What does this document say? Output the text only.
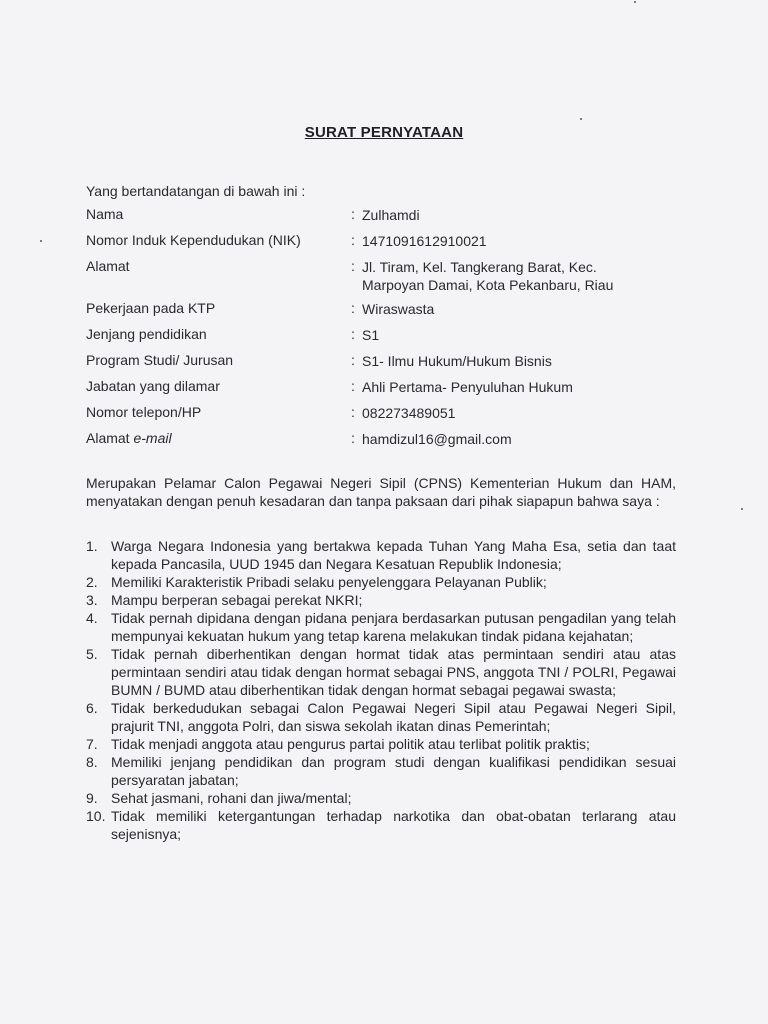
SURAT PERNYATAAN
Yang bertandatangan di bawah ini :
Nama	: Zulhamdi
Nomor Induk Kependudukan (NIK)	: 1471091612910021
Alamat	: Jl. Tiram, Kel. Tangkerang Barat, Kec. Marpoyan Damai, Kota Pekanbaru, Riau
Pekerjaan pada KTP	: Wiraswasta
Jenjang pendidikan	: S1
Program Studi/ Jurusan	: S1- Ilmu Hukum/Hukum Bisnis
Jabatan yang dilamar	: Ahli Pertama- Penyuluhan Hukum
Nomor telepon/HP	: 082273489051
Alamat e-mail	: hamdizul16@gmail.com
Merupakan Pelamar Calon Pegawai Negeri Sipil (CPNS) Kementerian Hukum dan HAM, menyatakan dengan penuh kesadaran dan tanpa paksaan dari pihak siapapun bahwa saya :
1. Warga Negara Indonesia yang bertakwa kepada Tuhan Yang Maha Esa, setia dan taat kepada Pancasila, UUD 1945 dan Negara Kesatuan Republik Indonesia;
2. Memiliki Karakteristik Pribadi selaku penyelenggara Pelayanan Publik;
3. Mampu berperan sebagai perekat NKRI;
4. Tidak pernah dipidana dengan pidana penjara berdasarkan putusan pengadilan yang telah mempunyai kekuatan hukum yang tetap karena melakukan tindak pidana kejahatan;
5. Tidak pernah diberhentikan dengan hormat tidak atas permintaan sendiri atau atas permintaan sendiri atau tidak dengan hormat sebagai PNS, anggota TNI / POLRI, Pegawai BUMN / BUMD atau diberhentikan tidak dengan hormat sebagai pegawai swasta;
6. Tidak berkedudukan sebagai Calon Pegawai Negeri Sipil atau Pegawai Negeri Sipil, prajurit TNI, anggota Polri, dan siswa sekolah ikatan dinas Pemerintah;
7. Tidak menjadi anggota atau pengurus partai politik atau terlibat politik praktis;
8. Memiliki jenjang pendidikan dan program studi dengan kualifikasi pendidikan sesuai persyaratan jabatan;
9. Sehat jasmani, rohani dan jiwa/mental;
10. Tidak memiliki ketergantungan terhadap narkotika dan obat-obatan terlarang atau sejenisnya;
